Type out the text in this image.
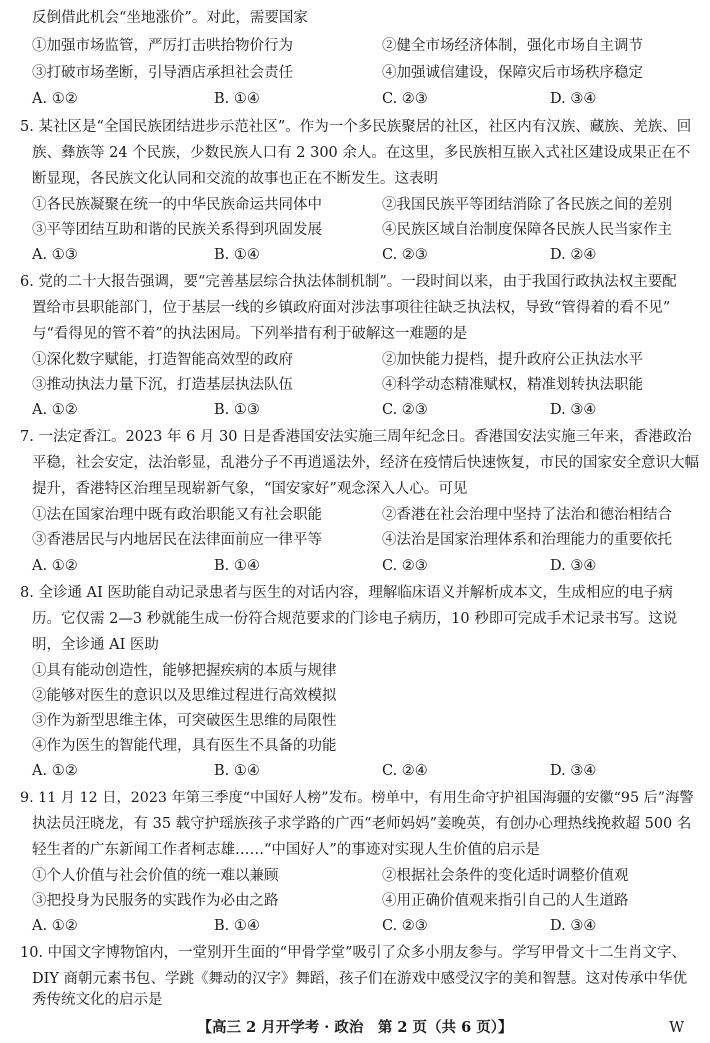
反倒借此机会“坐地涨价”。对此，需要国家
①加强市场监管，严厉打击哄抬物价行为	②健全市场经济体制，强化市场自主调节
③打破市场垄断，引导酒店承担社会责任	④加强诚信建设，保障灾后市场秩序稳定
A. ①②	B. ①④	C. ②③	D. ③④
5. 某社区是“全国民族团结进步示范社区”。作为一个多民族聚居的社区，社区内有汉族、藏族、羌族、回
族、彝族等 24 个民族，少数民族人口有 2 300 余人。在这里，多民族相互嵌入式社区建设成果正在不
断显现，各民族文化认同和交流的故事也正在不断发生。这表明
①各民族凝聚在统一的中华民族命运共同体中	②我国民族平等团结消除了各民族之间的差别
③平等团结互助和谐的民族关系得到巩固发展	④民族区域自治制度保障各民族人民当家作主
A. ①③	B. ①④	C. ②③	D. ②④
6. 党的二十大报告强调，要“完善基层综合执法体制机制”。一段时间以来，由于我国行政执法权主要配
置给市县职能部门，位于基层一线的乡镇政府面对涉法事项往往缺乏执法权，导致“管得着的看不见”
与“看得见的管不着”的执法困局。下列举措有利于破解这一难题的是
①深化数字赋能，打造智能高效型的政府	②加快能力提档，提升政府公正执法水平
③推动执法力量下沉，打造基层执法队伍	④科学动态精准赋权，精准划转执法职能
A. ①②	B. ①③	C. ②③	D. ③④
7. 一法定香江。2023 年 6 月 30 日是香港国安法实施三周年纪念日。香港国安法实施三年来，香港政治
平稳，社会安定，法治彰显，乱港分子不再逍遥法外，经济在疫情后快速恢复，市民的国家安全意识大幅
提升，香港特区治理呈现崭新气象，“国安家好”观念深入人心。可见
①法在国家治理中既有政治职能又有社会职能	②香港在社会治理中坚持了法治和德治相结合
③香港居民与内地居民在法律面前应一律平等	④法治是国家治理体系和治理能力的重要依托
A. ①②	B. ①④	C. ②③	D. ③④
8. 全诊通 AI 医助能自动记录患者与医生的对话内容，理解临床语义并解析成本文，生成相应的电子病
历。它仅需 2—3 秒就能生成一份符合规范要求的门诊电子病历，10 秒即可完成手术记录书写。这说
明，全诊通 AI 医助
①具有能动创造性，能够把握疾病的本质与规律
②能够对医生的意识以及思维过程进行高效模拟
③作为新型思维主体，可突破医生思维的局限性
④作为医生的智能代理，具有医生不具备的功能
A. ①②	B. ①④	C. ②④	D. ③④
9. 11 月 12 日，2023 年第三季度“中国好人榜”发布。榜单中，有用生命守护祖国海疆的安徽“95 后”海警
执法员汪晓龙，有 35 载守护瑶族孩子求学路的广西“老师妈妈”姜晚英，有创办心理热线挽救超 500 名
轻生者的广东新闻工作者柯志雄……“中国好人”的事迹对实现人生价值的启示是
①个人价值与社会价值的统一难以兼顾	②根据社会条件的变化适时调整价值观
③把投身为民服务的实践作为必由之路	④用正确价值观来指引自己的人生道路
A. ①②	B. ①④	C. ②③	D. ③④
10. 中国文字博物馆内，一堂别开生面的“甲骨学堂”吸引了众多小朋友参与。学写甲骨文十二生肖文字、
DIY 商朝元素书包、学跳《舞动的汉字》舞蹈，孩子们在游戏中感受汉字的美和智慧。这对传承中华优
秀传统文化的启示是
【高三 2 月开学考 · 政治　第 2 页（共 6 页）】	W
